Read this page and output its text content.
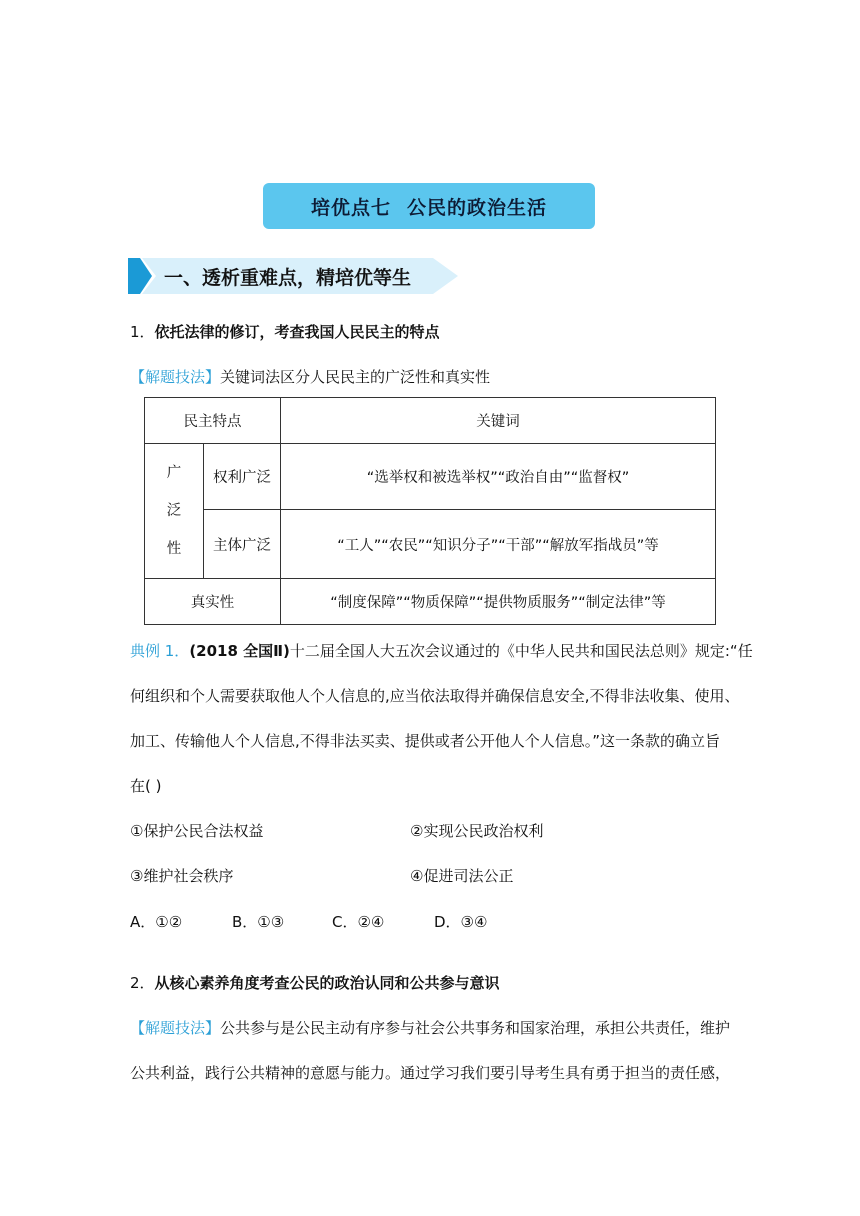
培优点七 公民的政治生活
一、透析重难点，精培优等生
1．依托法律的修订，考查我国人民民主的特点
【解题技法】关键词法区分人民民主的广泛性和真实性
民主特点		关键词

广
泛
性	权利广泛	“选举权和被选举权”“政治自由”“监督权”
	主体广泛	“工人”“农民”“知识分子”“干部”“解放军指战员”等
真实性		“制度保障”“物质保障”“提供物质服务”“制定法律”等
典例 1．(2018 全国Ⅱ)十二届全国人大五次会议通过的《中华人民共和国民法总则》规定:“任
何组织和个人需要获取他人个人信息的,应当依法取得并确保信息安全,不得非法收集、使用、
加工、传输他人个人信息,不得非法买卖、提供或者公开他人个人信息。”这一条款的确立旨
在( )
①保护公民合法权益	②实现公民政治权利
③维护社会秩序	④促进司法公正
A．①②	B．①③	C．②④	D．③④
2．从核心素养角度考查公民的政治认同和公共参与意识
【解题技法】公共参与是公民主动有序参与社会公共事务和国家治理，承担公共责任，维护
公共利益，践行公共精神的意愿与能力。通过学习我们要引导考生具有勇于担当的责任感，
